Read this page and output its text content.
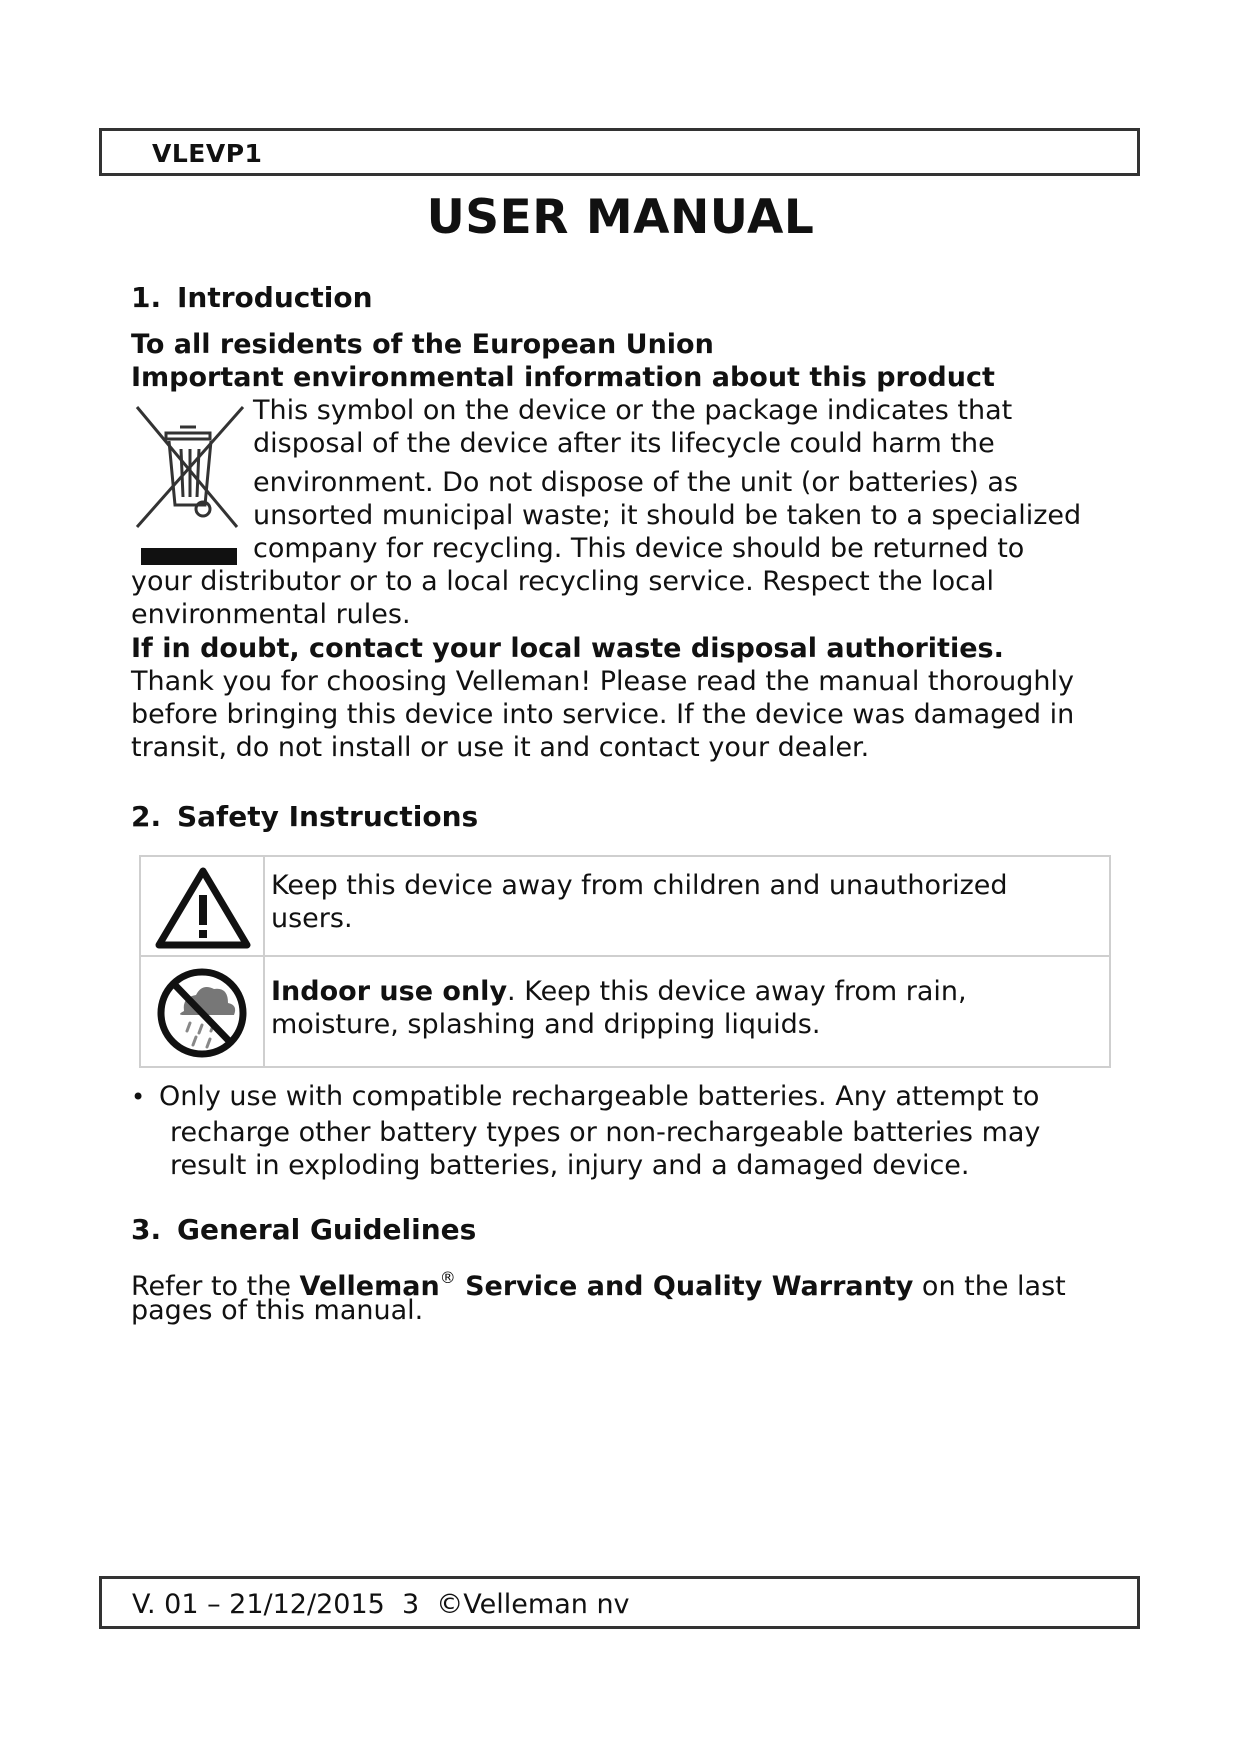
VLEVP1
USER MANUAL
1. Introduction
To all residents of the European Union
Important environmental information about this product
This symbol on the device or the package indicates that
disposal of the device after its lifecycle could harm the
environment. Do not dispose of the unit (or batteries) as
unsorted municipal waste; it should be taken to a specialized
company for recycling. This device should be returned to
your distributor or to a local recycling service. Respect the local
environmental rules.
If in doubt, contact your local waste disposal authorities.
Thank you for choosing Velleman! Please read the manual thoroughly
before bringing this device into service. If the device was damaged in
transit, do not install or use it and contact your dealer.
2. Safety Instructions
Keep this device away from children and unauthorized
users.
Indoor use only. Keep this device away from rain,
moisture, splashing and dripping liquids.
• Only use with compatible rechargeable batteries. Any attempt to
recharge other battery types or non-rechargeable batteries may
result in exploding batteries, injury and a damaged device.
3. General Guidelines
Refer to the Velleman® Service and Quality Warranty on the last
pages of this manual.
V. 01 – 21/12/2015  3  ©Velleman nv
